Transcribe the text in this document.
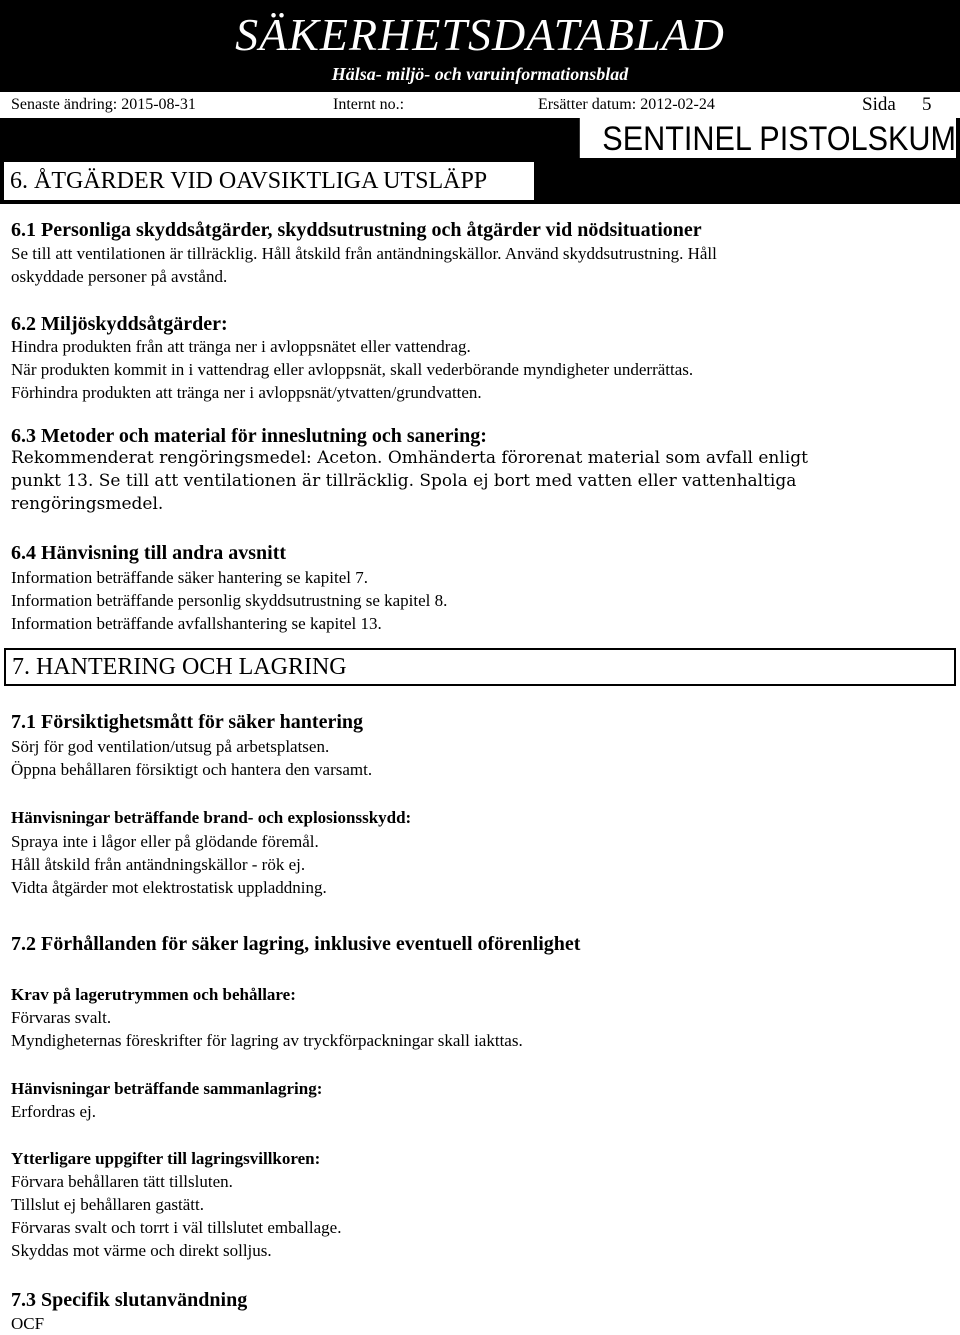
SÄKERHETSDATABLAD
Hälsa- miljö- och varuinformationsblad
Senaste ändring: 2015-08-31	Internt no.:	Ersätter datum: 2012-02-24	Sida 5
SENTINEL PISTOLSKUM
6. ÅTGÄRDER VID OAVSIKTLIGA UTSLÄPP
6.1 Personliga skyddsåtgärder, skyddsutrustning och åtgärder vid nödsituationer
Se till att ventilationen är tillräcklig. Håll åtskild från antändningskällor. Använd skyddsutrustning. Håll
oskyddade personer på avstånd.
6.2 Miljöskyddsåtgärder:
Hindra produkten från att tränga ner i avloppsnätet eller vattendrag.
När produkten kommit in i vattendrag eller avloppsnät, skall vederbörande myndigheter underrättas.
Förhindra produkten att tränga ner i avloppsnät/ytvatten/grundvatten.
6.3 Metoder och material för inneslutning och sanering:
Rekommenderat rengöringsmedel: Aceton. Omhänderta förorenat material som avfall enligt
punkt 13. Se till att ventilationen är tillräcklig. Spola ej bort med vatten eller vattenhaltiga
rengöringsmedel.
6.4 Hänvisning till andra avsnitt
Information beträffande säker hantering se kapitel 7.
Information beträffande personlig skyddsutrustning se kapitel 8.
Information beträffande avfallshantering se kapitel 13.
7. HANTERING OCH LAGRING
7.1 Försiktighetsmått för säker hantering
Sörj för god ventilation/utsug på arbetsplatsen.
Öppna behållaren försiktigt och hantera den varsamt.
Hänvisningar beträffande brand- och explosionsskydd:
Spraya inte i lågor eller på glödande föremål.
Håll åtskild från antändningskällor - rök ej.
Vidta åtgärder mot elektrostatisk uppladdning.
7.2 Förhållanden för säker lagring, inklusive eventuell oförenlighet
Krav på lagerutrymmen och behållare:
Förvaras svalt.
Myndigheternas föreskrifter för lagring av tryckförpackningar skall iakttas.
Hänvisningar beträffande sammanlagring:
Erfordras ej.
Ytterligare uppgifter till lagringsvillkoren:
Förvara behållaren tätt tillsluten.
Tillslut ej behållaren gastätt.
Förvaras svalt och torrt i väl tillslutet emballage.
Skyddas mot värme och direkt solljus.
7.3 Specifik slutanvändning
OCF
